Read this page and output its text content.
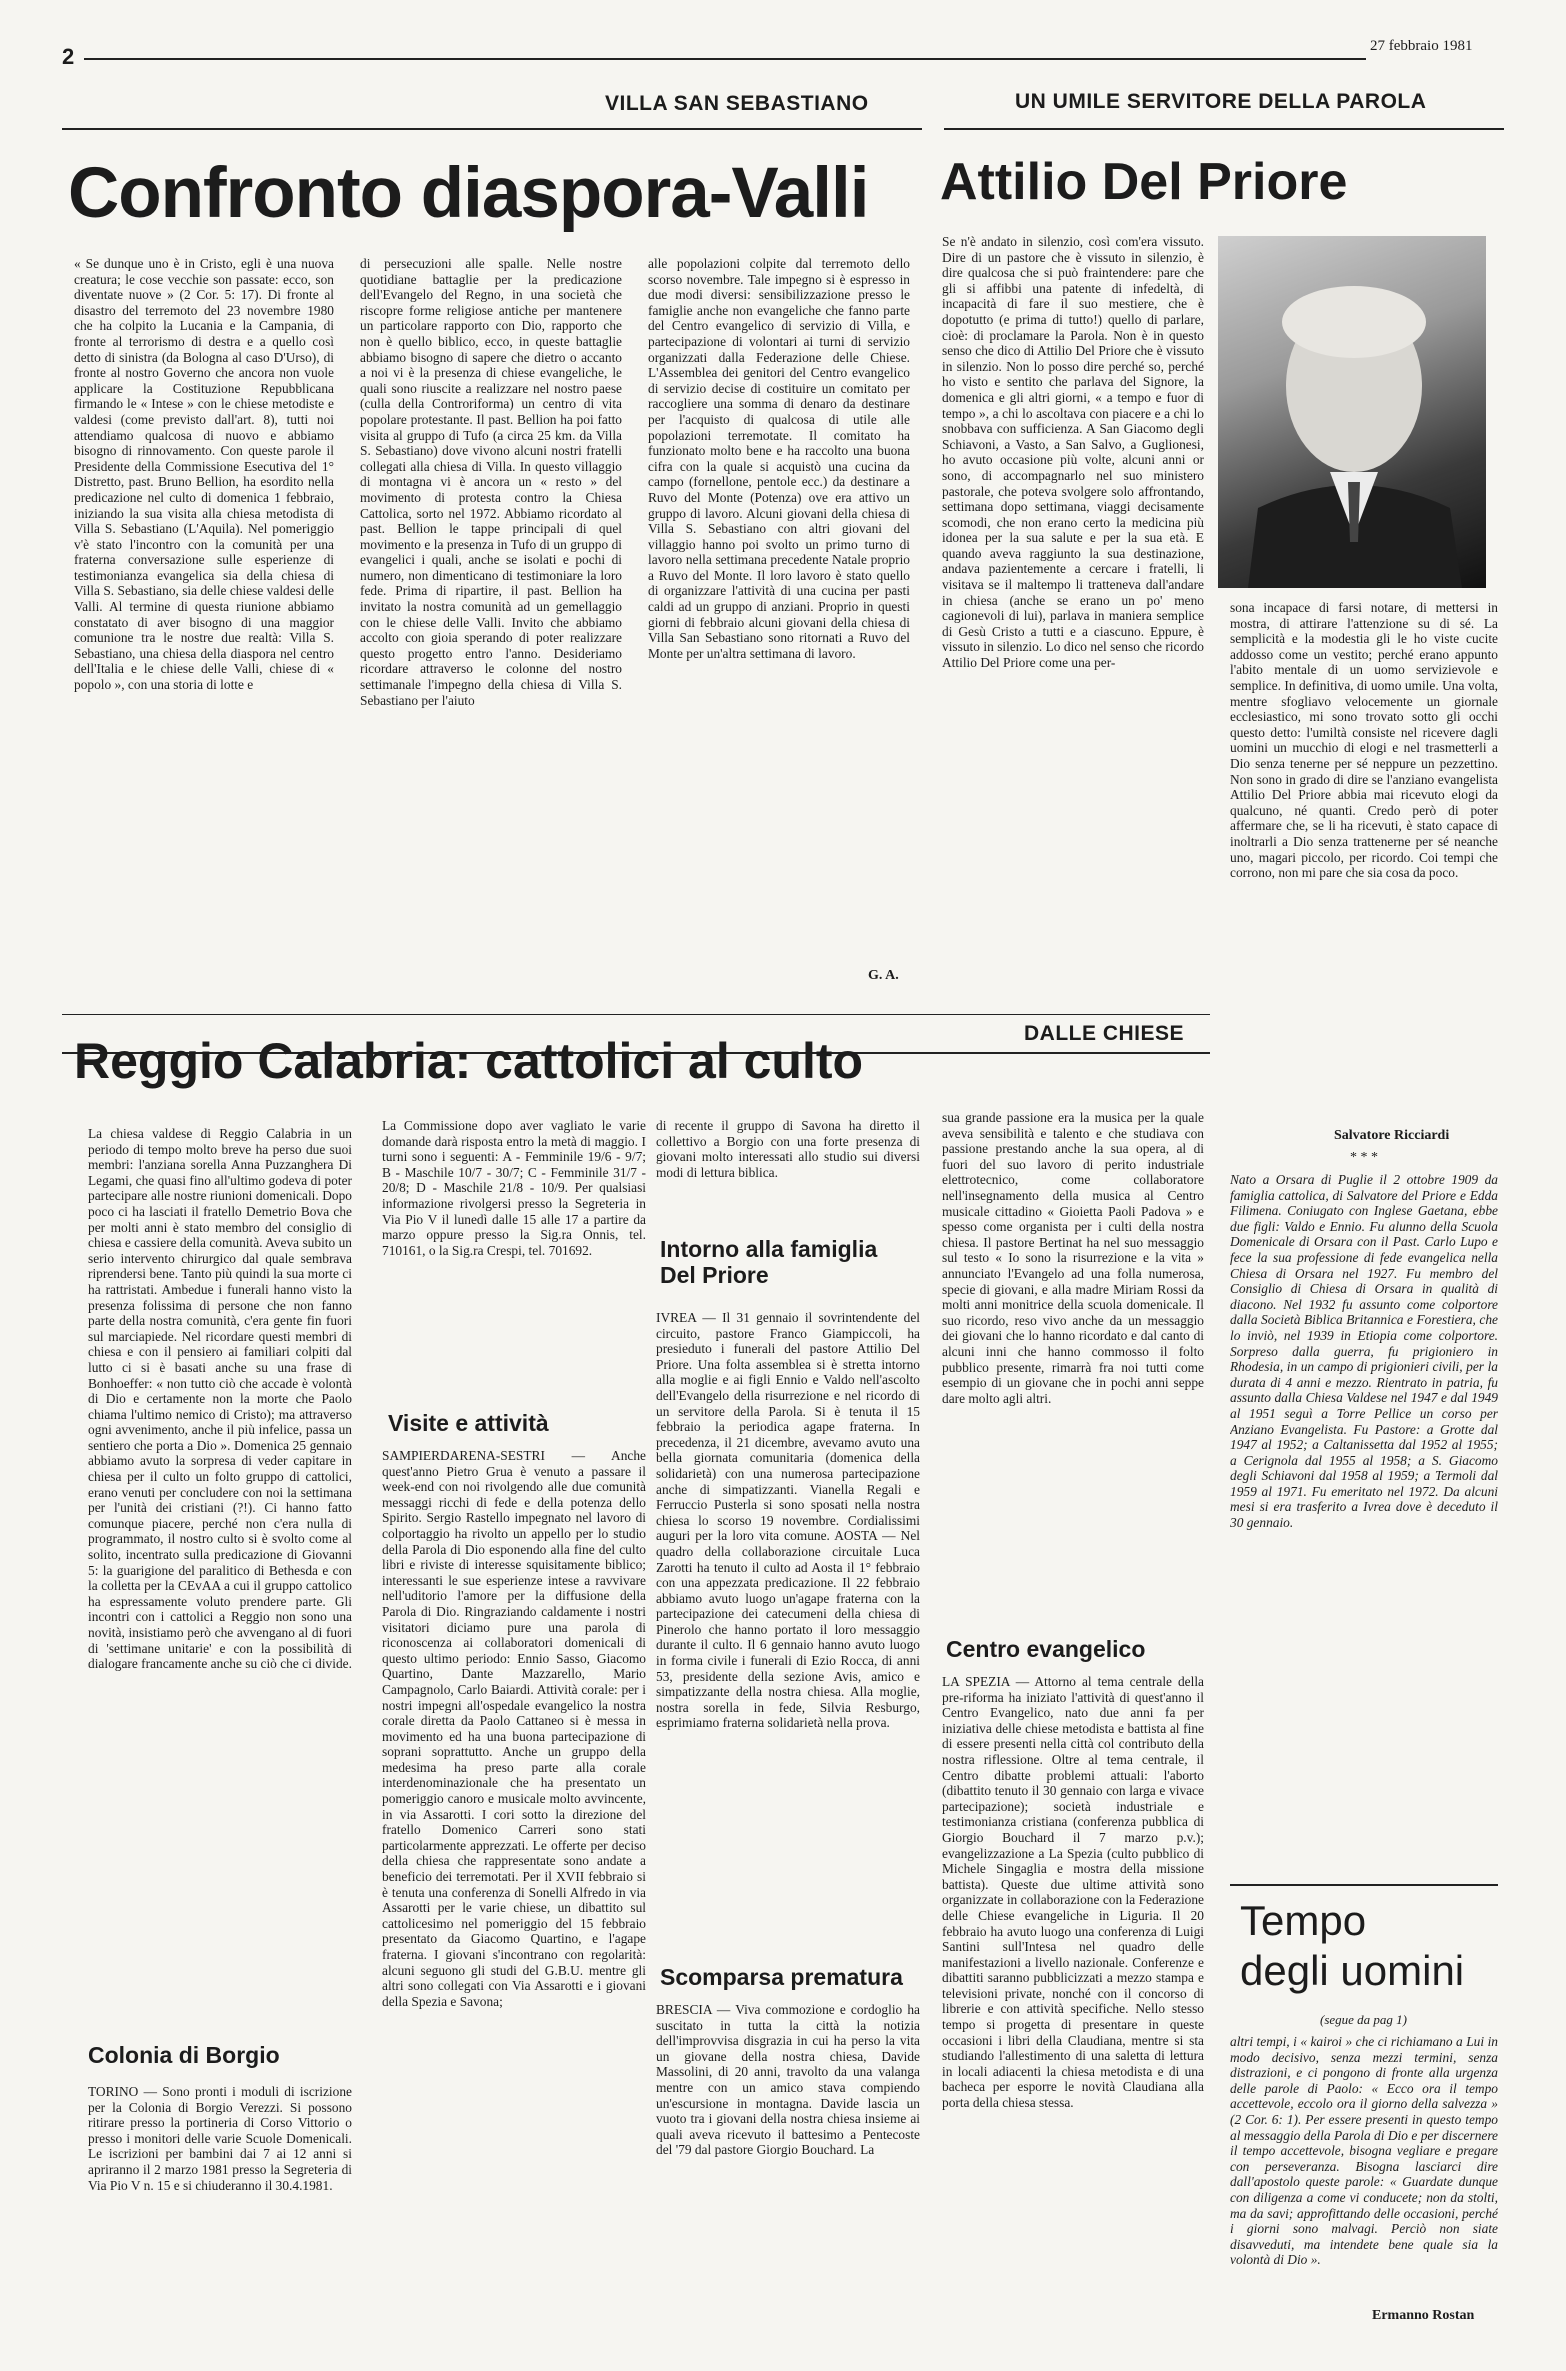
2	27 febbraio 1981
VILLA SAN SEBASTIANO	UN UMILE SERVITORE DELLA PAROLA
Confronto diaspora-Valli

« Se dunque uno è in Cristo, egli è una nuova creatura; le cose vecchie son passate: ecco, son diventate nuove » (2 Cor. 5: 17). Di fronte al disastro del terremoto del 23 novembre 1980 che ha colpito la Lucania e la Campania, di fronte al terrorismo di destra e a quello così detto di sinistra (da Bologna al caso D'Urso), di fronte al nostro Governo che ancora non vuole applicare la Costituzione Repubblicana firmando le « Intese » con le chiese metodiste e valdesi (come previsto dall'art. 8), tutti noi attendiamo qualcosa di nuovo e abbiamo bisogno di rinnovamento. Con queste parole il Presidente della Commissione Esecutiva del 1° Distretto, past. Bruno Bellion, ha esordito nella predicazione nel culto di domenica 1 febbraio, iniziando la sua visita alla chiesa metodista di Villa S. Sebastiano (L'Aquila). Nel pomeriggio v'è stato l'incontro con la comunità per una fraterna conversazione sulle esperienze di testimonianza evangelica sia della chiesa di Villa S. Sebastiano, sia delle chiese valdesi delle Valli. Al termine di questa riunione abbiamo constatato di aver bisogno di una maggior comunione tra le nostre due realtà: Villa S. Sebastiano, una chiesa della diaspora nel centro dell'Italia e le chiese delle Valli, chiese di « popolo », con una storia di lotte e

di persecuzioni alle spalle. Nelle nostre quotidiane battaglie per la predicazione dell'Evangelo del Regno, in una società che riscopre forme religiose antiche per mantenere un particolare rapporto con Dio, rapporto che non è quello biblico, ecco, in queste battaglie abbiamo bisogno di sapere che dietro o accanto a noi vi è la presenza di chiese evangeliche, le quali sono riuscite a realizzare nel nostro paese (culla della Controriforma) un centro di vita popolare protestante. Il past. Bellion ha poi fatto visita al gruppo di Tufo (a circa 25 km. da Villa S. Sebastiano) dove vivono alcuni nostri fratelli collegati alla chiesa di Villa. In questo villaggio di montagna vi è ancora un « resto » del movimento di protesta contro la Chiesa Cattolica, sorto nel 1972. Abbiamo ricordato al past. Bellion le tappe principali di quel movimento e la presenza in Tufo di un gruppo di evangelici i quali, anche se isolati e pochi di numero, non dimenticano di testimoniare la loro fede. Prima di ripartire, il past. Bellion ha invitato la nostra comunità ad un gemellaggio con le chiese delle Valli. Invito che abbiamo accolto con gioia sperando di poter realizzare questo progetto entro l'anno. Desideriamo ricordare attraverso le colonne del nostro settimanale l'impegno della chiesa di Villa S. Sebastiano per l'aiuto

alle popolazioni colpite dal terremoto dello scorso novembre. Tale impegno si è espresso in due modi diversi: sensibilizzazione presso le famiglie anche non evangeliche che fanno parte del Centro evangelico di servizio di Villa, e partecipazione di volontari ai turni di servizio organizzati dalla Federazione delle Chiese. L'Assemblea dei genitori del Centro evangelico di servizio decise di costituire un comitato per raccogliere una somma di denaro da destinare per l'acquisto di qualcosa di utile alle popolazioni terremotate. Il comitato ha funzionato molto bene e ha raccolto una buona cifra con la quale si acquistò una cucina da campo (fornellone, pentole ecc.) da destinare a Ruvo del Monte (Potenza) ove era attivo un gruppo di lavoro. Alcuni giovani della chiesa di Villa S. Sebastiano con altri giovani del villaggio hanno poi svolto un primo turno di lavoro nella settimana precedente Natale proprio a Ruvo del Monte. Il loro lavoro è stato quello di organizzare l'attività di una cucina per pasti caldi ad un gruppo di anziani. Proprio in questi giorni di febbraio alcuni giovani della chiesa di Villa San Sebastiano sono ritornati a Ruvo del Monte per un'altra settimana di lavoro.

G. A.
Attilio Del Priore

Se n'è andato in silenzio, così com'era vissuto. Dire di un pastore che è vissuto in silenzio, è dire qualcosa che si può fraintendere: pare che gli si affibbi una patente di infedeltà, di incapacità di fare il suo mestiere, che è dopotutto (e prima di tutto!) quello di parlare, cioè: di proclamare la Parola. Non è in questo senso che dico di Attilio Del Priore che è vissuto in silenzio. Non lo posso dire perché so, perché ho visto e sentito che parlava del Signore, la domenica e gli altri giorni, « a tempo e fuor di tempo », a chi lo ascoltava con piacere e a chi lo snobbava con sufficienza. A San Giacomo degli Schiavoni, a Vasto, a San Salvo, a Guglionesi, ho avuto occasione più volte, alcuni anni or sono, di accompagnarlo nel suo ministero pastorale, che poteva svolgere solo affrontando, settimana dopo settimana, viaggi decisamente scomodi, che non erano certo la medicina più idonea per la sua salute e per la sua età. E quando aveva raggiunto la sua destinazione, andava pazientemente a cercare i fratelli, li visitava se il maltempo li tratteneva dall'andare in chiesa (anche se erano un po' meno cagionevoli di lui), parlava in maniera semplice di Gesù Cristo a tutti e a ciascuno. Eppure, è vissuto in silenzio. Lo dico nel senso che ricordo Attilio Del Priore come una per-

sona incapace di farsi notare, di mettersi in mostra, di attirare l'attenzione su di sé. La semplicità e la modestia gli le ho viste cucite addosso come un vestito; perché erano appunto l'abito mentale di un uomo servizievole e semplice. In definitiva, di uomo umile. Una volta, mentre sfogliavo velocemente un giornale ecclesiastico, mi sono trovato sotto gli occhi questo detto: l'umiltà consiste nel ricevere dagli uomini un mucchio di elogi e nel trasmetterli a Dio senza tenerne per sé neppure un pezzettino. Non sono in grado di dire se l'anziano evangelista Attilio Del Priore abbia mai ricevuto elogi da qualcuno, né quanti. Credo però di poter affermare che, se li ha ricevuti, è stato capace di inoltrarli a Dio senza trattenerne per sé neanche uno, magari piccolo, per ricordo. Coi tempi che corrono, non mi pare che sia cosa da poco.

Salvatore Ricciardi
* * *

Nato a Orsara di Puglie il 2 ottobre 1909 da famiglia cattolica, di Salvatore del Priore e Edda Filimena. Coniugato con Inglese Gaetana, ebbe due figli: Valdo e Ennio. Fu alunno della Scuola Domenicale di Orsara con il Past. Carlo Lupo e fece la sua professione di fede evangelica nella Chiesa di Orsara nel 1927. Fu membro del Consiglio di Chiesa di Orsara in qualità di diacono. Nel 1932 fu assunto come colportore dalla Società Biblica Britannica e Forestiera, che lo inviò, nel 1939 in Etiopia come colportore. Sorpreso dalla guerra, fu prigioniero in Rhodesia, in un campo di prigionieri civili, per la durata di 4 anni e mezzo. Rientrato in patria, fu assunto dalla Chiesa Valdese nel 1947 e dal 1949 al 1951 seguì a Torre Pellice un corso per Anziano Evangelista. Fu Pastore: a Grotte dal 1947 al 1952; a Caltanissetta dal 1952 al 1955; a Cerignola dal 1955 al 1958; a S. Giacomo degli Schiavoni dal 1958 al 1959; a Termoli dal 1959 al 1971. Fu emeritato nel 1972. Da alcuni mesi si era trasferito a Ivrea dove è deceduto il 30 gennaio.

DALLE CHIESE
Reggio Calabria: cattolici al culto

La chiesa valdese di Reggio Calabria in un periodo di tempo molto breve ha perso due suoi membri: l'anziana sorella Anna Puzzanghera Di Legami, che quasi fino all'ultimo godeva di poter partecipare alle nostre riunioni domenicali. Dopo poco ci ha lasciati il fratello Demetrio Bova che per molti anni è stato membro del consiglio di chiesa e cassiere della comunità. Aveva subito un serio intervento chirurgico dal quale sembrava riprendersi bene. Tanto più quindi la sua morte ci ha rattristati. Ambedue i funerali hanno visto la presenza folissima di persone che non fanno parte della nostra comunità, c'era gente fin fuori sul marciapiede. Nel ricordare questi membri di chiesa e con il pensiero ai familiari colpiti dal lutto ci si è basati anche su una frase di Bonhoeffer: « non tutto ciò che accade è volontà di Dio e certamente non la morte che Paolo chiama l'ultimo nemico di Cristo); ma attraverso ogni avvenimento, anche il più infelice, passa un sentiero che porta a Dio ». Domenica 25 gennaio abbiamo avuto la sorpresa di veder capitare in chiesa per il culto un folto gruppo di cattolici, erano venuti per concludere con noi la settimana per l'unità dei cristiani (?!). Ci hanno fatto comunque piacere, perché non c'era nulla di programmato, il nostro culto si è svolto come al solito, incentrato sulla predicazione di Giovanni 5: la guarigione del paralitico di Bethesda e con la colletta per la CEvAA a cui il gruppo cattolico ha espressamente voluto prendere parte. Gli incontri con i cattolici a Reggio non sono una novità, insistiamo però che avvengano al di fuori di 'settimane unitarie' e con la possibilità di dialogare francamente anche su ciò che ci divide.

Colonia di Borgio

TORINO — Sono pronti i moduli di iscrizione per la Colonia di Borgio Verezzi. Si possono ritirare presso la portineria di Corso Vittorio o presso i monitori delle varie Scuole Domenicali. Le iscrizioni per bambini dai 7 ai 12 anni si apriranno il 2 marzo 1981 presso la Segreteria di Via Pio V n. 15 e si chiuderanno il 30.4.1981.

La Commissione dopo aver vagliato le varie domande darà risposta entro la metà di maggio. I turni sono i seguenti: A - Femminile 19/6 - 9/7; B - Maschile 10/7 - 30/7; C - Femminile 31/7 - 20/8; D - Maschile 21/8 - 10/9. Per qualsiasi informazione rivolgersi presso la Segreteria in Via Pio V il lunedì dalle 15 alle 17 a partire da marzo oppure presso la Sig.ra Onnis, tel. 710161, o la Sig.ra Crespi, tel. 701692.

Visite e attività

SAMPIERDARENA-SESTRI — Anche quest'anno Pietro Grua è venuto a passare il week-end con noi rivolgendo alle due comunità messaggi ricchi di fede e della potenza dello Spirito. Sergio Rastello impegnato nel lavoro di colportaggio ha rivolto un appello per lo studio della Parola di Dio esponendo alla fine del culto libri e riviste di interesse squisitamente biblico; interessanti le sue esperienze intese a ravvivare nell'uditorio l'amore per la diffusione della Parola di Dio. Ringraziando caldamente i nostri visitatori diciamo pure una parola di riconoscenza ai collaboratori domenicali di questo ultimo periodo: Ennio Sasso, Giacomo Quartino, Dante Mazzarello, Mario Campagnolo, Carlo Baiardi. Attività corale: per i nostri impegni all'ospedale evangelico la nostra corale diretta da Paolo Cattaneo si è messa in movimento ed ha una buona partecipazione di soprani soprattutto. Anche un gruppo della medesima ha preso parte alla corale interdenominazionale che ha presentato un pomeriggio canoro e musicale molto avvincente, in via Assarotti. I cori sotto la direzione del fratello Domenico Carreri sono stati particolarmente apprezzati. Le offerte per deciso della chiesa che rappresentate sono andate a beneficio dei terremotati. Per il XVII febbraio si è tenuta una conferenza di Sonelli Alfredo in via Assarotti per le varie chiese, un dibattito sul cattolicesimo nel pomeriggio del 15 febbraio presentato da Giacomo Quartino, e l'agape fraterna. I giovani s'incontrano con regolarità: alcuni seguono gli studi del G.B.U. mentre gli altri sono collegati con Via Assarotti e i giovani della Spezia e Savona;

di recente il gruppo di Savona ha diretto il collettivo a Borgio con una forte presenza di giovani molto interessati allo studio sui diversi modi di lettura biblica.

Intorno alla famiglia Del Priore

IVREA — Il 31 gennaio il sovrintendente del circuito, pastore Franco Giampiccoli, ha presieduto i funerali del pastore Attilio Del Priore. Una folta assemblea si è stretta intorno alla moglie e ai figli Ennio e Valdo nell'ascolto dell'Evangelo della risurrezione e nel ricordo di un servitore della Parola. Si è tenuta il 15 febbraio la periodica agape fraterna. In precedenza, il 21 dicembre, avevamo avuto una bella giornata comunitaria (domenica della solidarietà) con una numerosa partecipazione anche di simpatizzanti. Vianella Regali e Ferruccio Pusterla si sono sposati nella nostra chiesa lo scorso 19 novembre. Cordialissimi auguri per la loro vita comune. AOSTA — Nel quadro della collaborazione circuitale Luca Zarotti ha tenuto il culto ad Aosta il 1° febbraio con una appezzata predicazione. Il 22 febbraio abbiamo avuto luogo un'agape fraterna con la partecipazione dei catecumeni della chiesa di Pinerolo che hanno portato il loro messaggio durante il culto. Il 6 gennaio hanno avuto luogo in forma civile i funerali di Ezio Rocca, di anni 53, presidente della sezione Avis, amico e simpatizzante della nostra chiesa. Alla moglie, nostra sorella in fede, Silvia Resburgo, esprimiamo fraterna solidarietà nella prova.

Scomparsa prematura

BRESCIA — Viva commozione e cordoglio ha suscitato in tutta la città la notizia dell'improvvisa disgrazia in cui ha perso la vita un giovane della nostra chiesa, Davide Massolini, di 20 anni, travolto da una valanga mentre con un amico stava compiendo un'escursione in montagna. Davide lascia un vuoto tra i giovani della nostra chiesa insieme ai quali aveva ricevuto il battesimo a Pentecoste del '79 dal pastore Giorgio Bouchard. La

sua grande passione era la musica per la quale aveva sensibilità e talento e che studiava con passione prestando anche la sua opera, al di fuori del suo lavoro di perito industriale elettrotecnico, come collaboratore nell'insegnamento della musica al Centro musicale cittadino « Gioietta Paoli Padova » e spesso come organista per i culti della nostra chiesa. Il pastore Bertinat ha nel suo messaggio sul testo « Io sono la risurrezione e la vita » annunciato l'Evangelo ad una folla numerosa, specie di giovani, e alla madre Miriam Rossi da molti anni monitrice della scuola domenicale. Il suo ricordo, reso vivo anche da un messaggio dei giovani che lo hanno ricordato e dal canto di alcuni inni che hanno commosso il folto pubblico presente, rimarrà fra noi tutti come esempio di un giovane che in pochi anni seppe dare molto agli altri.

Centro evangelico

LA SPEZIA — Attorno al tema centrale della pre-riforma ha iniziato l'attività di quest'anno il Centro Evangelico, nato due anni fa per iniziativa delle chiese metodista e battista al fine di essere presenti nella città col contributo della nostra riflessione. Oltre al tema centrale, il Centro dibatte problemi attuali: l'aborto (dibattito tenuto il 30 gennaio con larga e vivace partecipazione); società industriale e testimonianza cristiana (conferenza pubblica di Giorgio Bouchard il 7 marzo p.v.); evangelizzazione a La Spezia (culto pubblico di Michele Singaglia e mostra della missione battista). Queste due ultime attività sono organizzate in collaborazione con la Federazione delle Chiese evangeliche in Liguria. Il 20 febbraio ha avuto luogo una conferenza di Luigi Santini sull'Intesa nel quadro delle manifestazioni a livello nazionale. Conferenze e dibattiti saranno pubblicizzati a mezzo stampa e televisioni private, nonché con il concorso di librerie e con attività specifiche. Nello stesso tempo si progetta di presentare in queste occasioni i libri della Claudiana, mentre si sta studiando l'allestimento di una saletta di lettura in locali adiacenti la chiesa metodista e di una bacheca per esporre le novità Claudiana alla porta della chiesa stessa.

Tempo
degli uomini
(segue da pag 1)

altri tempi, i « kairoi » che ci richiamano a Lui in modo decisivo, senza mezzi termini, senza distrazioni, e ci pongono di fronte alla urgenza delle parole di Paolo: « Ecco ora il tempo accettevole, eccolo ora il giorno della salvezza » (2 Cor. 6: 1). Per essere presenti in questo tempo al messaggio della Parola di Dio e per discernere il tempo accettevole, bisogna vegliare e pregare con perseveranza. Bisogna lasciarci dire dall'apostolo queste parole: « Guardate dunque con diligenza a come vi conducete; non da stolti, ma da savi; approfittando delle occasioni, perché i giorni sono malvagi. Perciò non siate disavveduti, ma intendete bene quale sia la volontà di Dio ».

Ermanno Rostan
